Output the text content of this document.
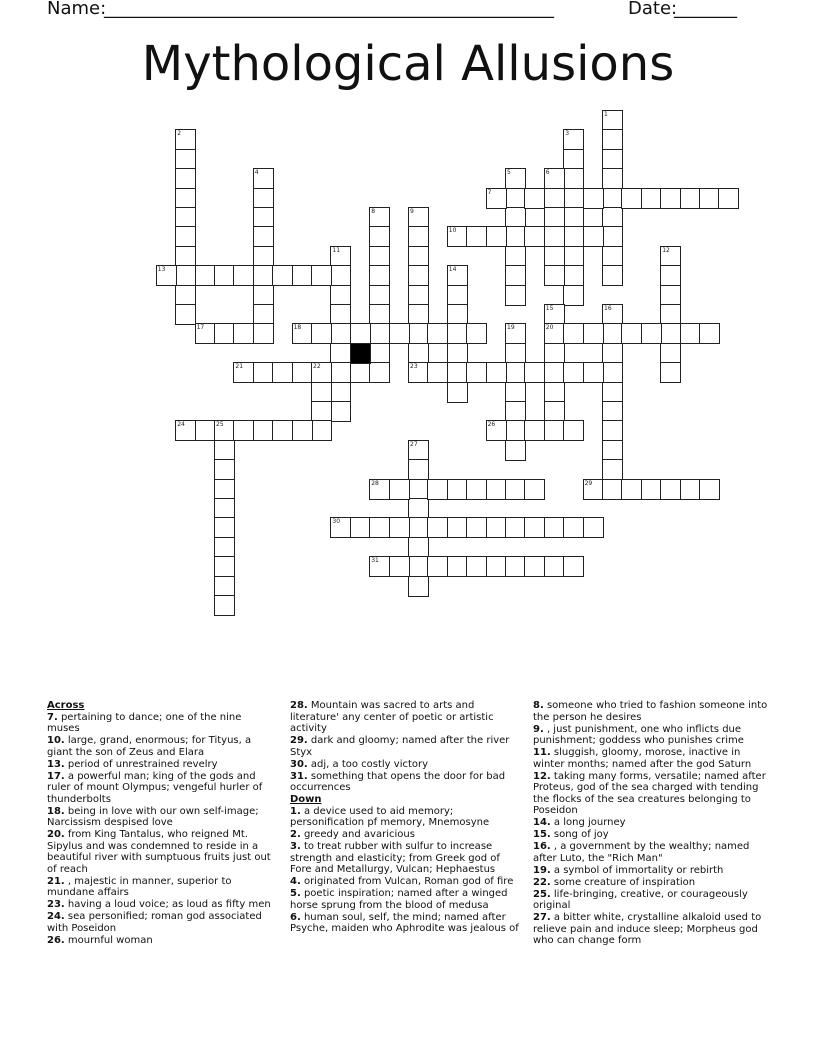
Name:
__________________________________________________	Date:
_______
Mythological Allusions
1
2	3
4	5	6
7
8	9
10
11	12
13	14
15	16
17	18	19	20
21	22	23
24	25	26
27
28	29
30
31
Across
7. pertaining to dance; one of the nine muses
10. large, grand, enormous; for Tityus, a giant the son of Zeus and Elara
13. period of unrestrained revelry
17. a powerful man; king of the gods and ruler of mount Olympus; vengeful hurler of thunderbolts
18. being in love with our own self-image; Narcissism despised love
20. from King Tantalus, who reigned Mt. Sipylus and was condemned to reside in a beautiful river with sumptuous fruits just out of reach
21. , majestic in manner, superior to mundane affairs
23. having a loud voice; as loud as fifty men
24. sea personified; roman god associated with Poseidon
26. mournful woman
28. Mountain was sacred to arts and literature' any center of poetic or artistic activity
29. dark and gloomy; named after the river Styx
30. adj, a too costly victory
31. something that opens the door for bad occurrences
Down
1. a device used to aid memory; personification pf memory, Mnemosyne
2. greedy and avaricious
3. to treat rubber with sulfur to increase strength and elasticity; from Greek god of Fore and Metallurgy, Vulcan; Hephaestus
4. originated from Vulcan, Roman god of fire
5. poetic inspiration; named after a winged horse sprung from the blood of medusa
6. human soul, self, the mind; named after Psyche, maiden who Aphrodite was jealous of
8. someone who tried to fashion someone into the person he desires
9. , just punishment, one who inflicts due punishment; goddess who punishes crime
11. sluggish, gloomy, morose, inactive in winter months; named after the god Saturn
12. taking many forms, versatile; named after Proteus, god of the sea charged with tending the flocks of the sea creatures belonging to Poseidon
14. a long journey
15. song of joy
16. , a government by the wealthy; named after Luto, the "Rich Man"
19. a symbol of immortality or rebirth
22. some creature of inspiration
25. life-bringing, creative, or courageously original
27. a bitter white, crystalline alkaloid used to relieve pain and induce sleep; Morpheus god who can change form
